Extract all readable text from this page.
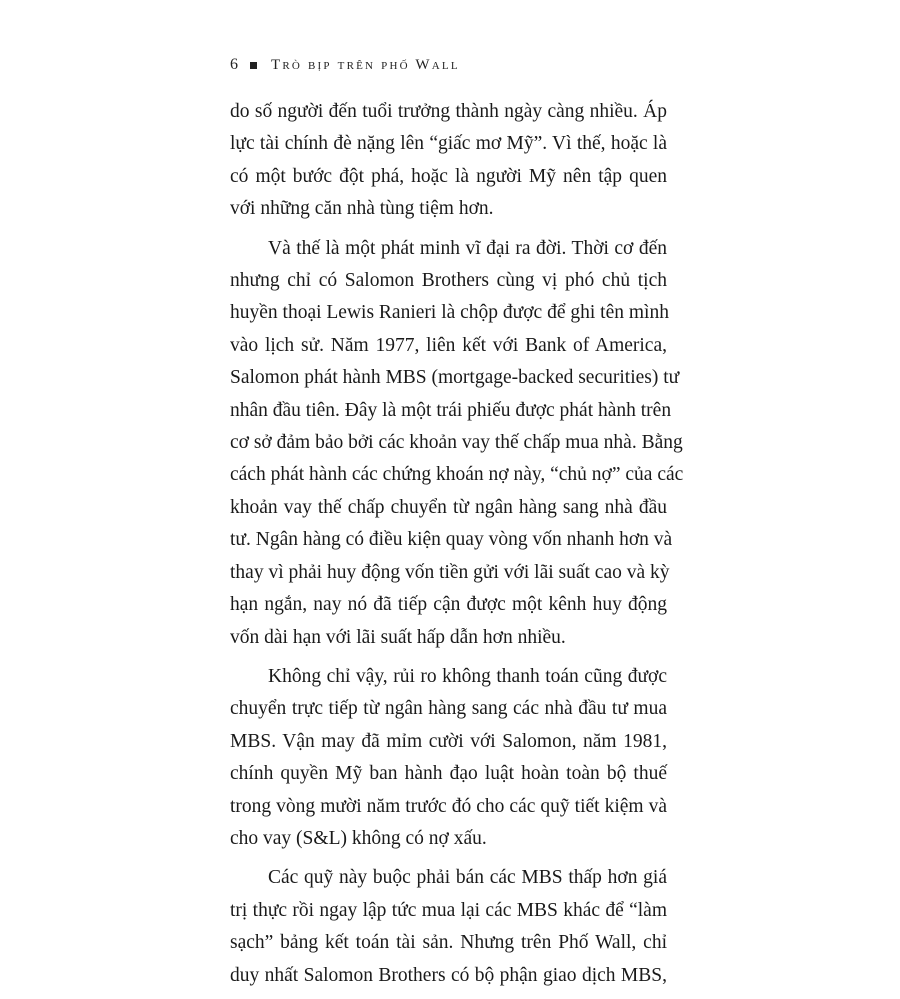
6 Trò bịp trên phố Wall

do số người đến tuổi trưởng thành ngày càng nhiều. Áp
lực tài chính đè nặng lên “giấc mơ Mỹ”. Vì thế, hoặc là
có một bước đột phá, hoặc là người Mỹ nên tập quen
với những căn nhà tùng tiệm hơn.

Và thế là một phát minh vĩ đại ra đời. Thời cơ đến
nhưng chỉ có Salomon Brothers cùng vị phó chủ tịch
huyền thoại Lewis Ranieri là chộp được để ghi tên mình
vào lịch sử. Năm 1977, liên kết với Bank of America,
Salomon phát hành MBS (mortgage-backed securities) tư
nhân đầu tiên. Đây là một trái phiếu được phát hành trên
cơ sở đảm bảo bởi các khoản vay thế chấp mua nhà. Bằng
cách phát hành các chứng khoán nợ này, “chủ nợ” của các
khoản vay thế chấp chuyển từ ngân hàng sang nhà đầu
tư. Ngân hàng có điều kiện quay vòng vốn nhanh hơn và
thay vì phải huy động vốn tiền gửi với lãi suất cao và kỳ
hạn ngắn, nay nó đã tiếp cận được một kênh huy động
vốn dài hạn với lãi suất hấp dẫn hơn nhiều.

Không chỉ vậy, rủi ro không thanh toán cũng được
chuyển trực tiếp từ ngân hàng sang các nhà đầu tư mua
MBS. Vận may đã mỉm cười với Salomon, năm 1981,
chính quyền Mỹ ban hành đạo luật hoàn toàn bộ thuế
trong vòng mười năm trước đó cho các quỹ tiết kiệm và
cho vay (S&L) không có nợ xấu.

Các quỹ này buộc phải bán các MBS thấp hơn giá
trị thực rồi ngay lập tức mua lại các MBS khác để “làm
sạch” bảng kết toán tài sản. Nhưng trên Phố Wall, chỉ
duy nhất Salomon Brothers có bộ phận giao dịch MBS,
